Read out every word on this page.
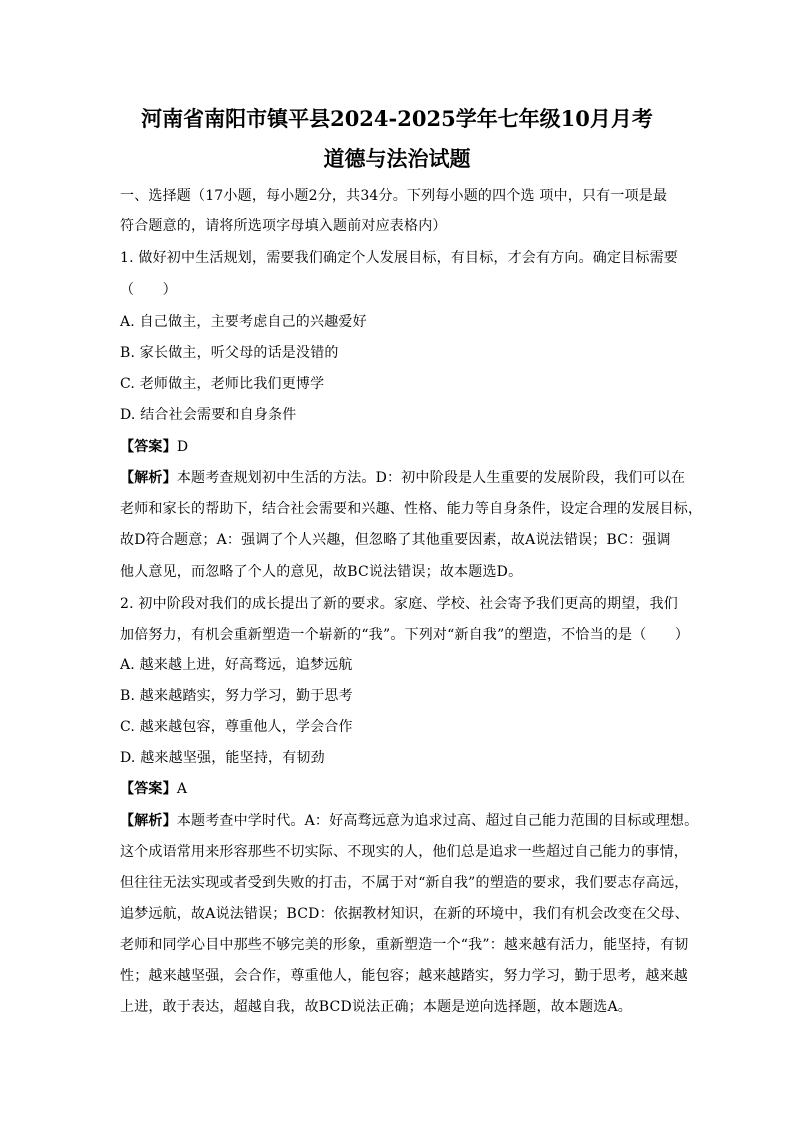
河南省南阳市镇平县2024-2025学年七年级10月月考
道德与法治试题
一、选择题（17小题，每小题2分，共34分。下列每小题的四个选 项中，只有一项是最
符合题意的，请将所选项字母填入题前对应表格内）
1. 做好初中生活规划，需要我们确定个人发展目标，有目标，才会有方向。确定目标需要
（　　）
A. 自己做主，主要考虑自己的兴趣爱好
B. 家长做主，听父母的话是没错的
C. 老师做主，老师比我们更博学
D. 结合社会需要和自身条件
【答案】D
【解析】本题考查规划初中生活的方法。D：初中阶段是人生重要的发展阶段，我们可以在
老师和家长的帮助下，结合社会需要和兴趣、性格、能力等自身条件，设定合理的发展目标，
故D符合题意；A：强调了个人兴趣，但忽略了其他重要因素，故A说法错误；BC：强调
他人意见，而忽略了个人的意见，故BC说法错误；故本题选D。
2. 初中阶段对我们的成长提出了新的要求。家庭、学校、社会寄予我们更高的期望，我们
加倍努力，有机会重新塑造一个崭新的“我”。下列对“新自我”的塑造，不恰当的是（　　）
A. 越来越上进，好高骛远，追梦远航
B. 越来越踏实，努力学习，勤于思考
C. 越来越包容，尊重他人，学会合作
D. 越来越坚强，能坚持，有韧劲
【答案】A
【解析】本题考查中学时代。A：好高骛远意为追求过高、超过自己能力范围的目标或理想。
这个成语常用来形容那些不切实际、不现实的人，他们总是追求一些超过自己能力的事情，
但往往无法实现或者受到失败的打击，不属于对“新自我”的塑造的要求，我们要志存高远，
追梦远航，故A说法错误；BCD：依据教材知识，在新的环境中，我们有机会改变在父母、
老师和同学心目中那些不够完美的形象，重新塑造一个“我”：越来越有活力，能坚持，有韧
性；越来越坚强，会合作，尊重他人，能包容；越来越踏实，努力学习，勤于思考，越来越
上进，敢于表达，超越自我，故BCD说法正确；本题是逆向选择题，故本题选A。
